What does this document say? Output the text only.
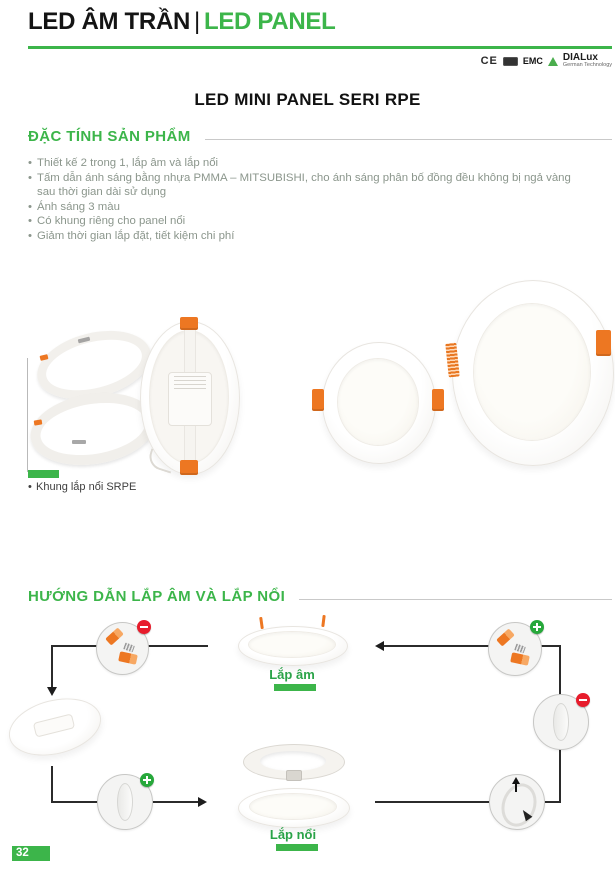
LED ÂM TRẦN | LED PANEL
CE	EMC DIALux
German Technology
LED MINI PANEL SERI RPE
ĐẶC TÍNH SẢN PHẨM
• Thiết kế 2 trong 1, lắp âm và lắp nổi
• Tấm dẫn ánh sáng bằng nhựa PMMA – MITSUBISHI, cho ánh sáng phân bố đồng đều không bị ngả vàng sau thời gian dài sử dụng
• Ánh sáng 3 màu
• Có khung riêng cho panel nổi
• Giảm thời gian lắp đặt, tiết kiệm chi phí
• Khung lắp nổi SRPE
HƯỚNG DẪN LẮP ÂM VÀ LẮP NỔI
Lắp âm
Lắp nổi
32
